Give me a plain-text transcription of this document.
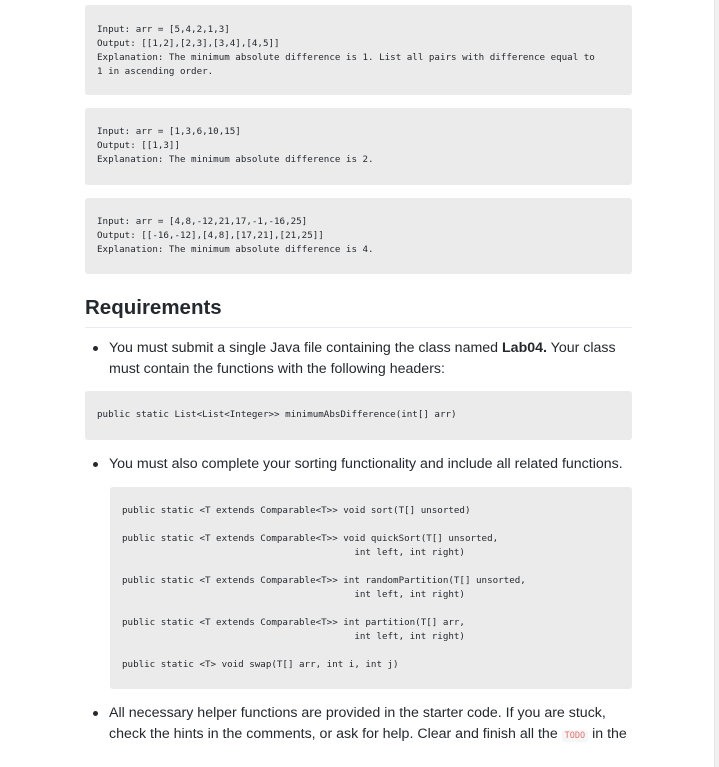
Input: arr = [5,4,2,1,3]
Output: [[1,2],[2,3],[3,4],[4,5]]
Explanation: The minimum absolute difference is 1. List all pairs with difference equal to
1 in ascending order.
Input: arr = [1,3,6,10,15]
Output: [[1,3]]
Explanation: The minimum absolute difference is 2.
Input: arr = [4,8,-12,21,17,-1,-16,25]
Output: [[-16,-12],[4,8],[17,21],[21,25]]
Explanation: The minimum absolute difference is 4.
Requirements
You must submit a single Java file containing the class named Lab04. Your class must contain the functions with the following headers:
public static List<List<Integer>> minimumAbsDifference(int[] arr)
You must also complete your sorting functionality and include all related functions.
public static <T extends Comparable<T>> void sort(T[] unsorted)

public static <T extends Comparable<T>> void quickSort(T[] unsorted,
int left, int right)

public static <T extends Comparable<T>> int randomPartition(T[] unsorted,
int left, int right)

public static <T extends Comparable<T>> int partition(T[] arr,
int left, int right)

public static <T> void swap(T[] arr, int i, int j)
All necessary helper functions are provided in the starter code. If you are stuck, check the hints in the comments, or ask for help. Clear and finish all the TODO in the
